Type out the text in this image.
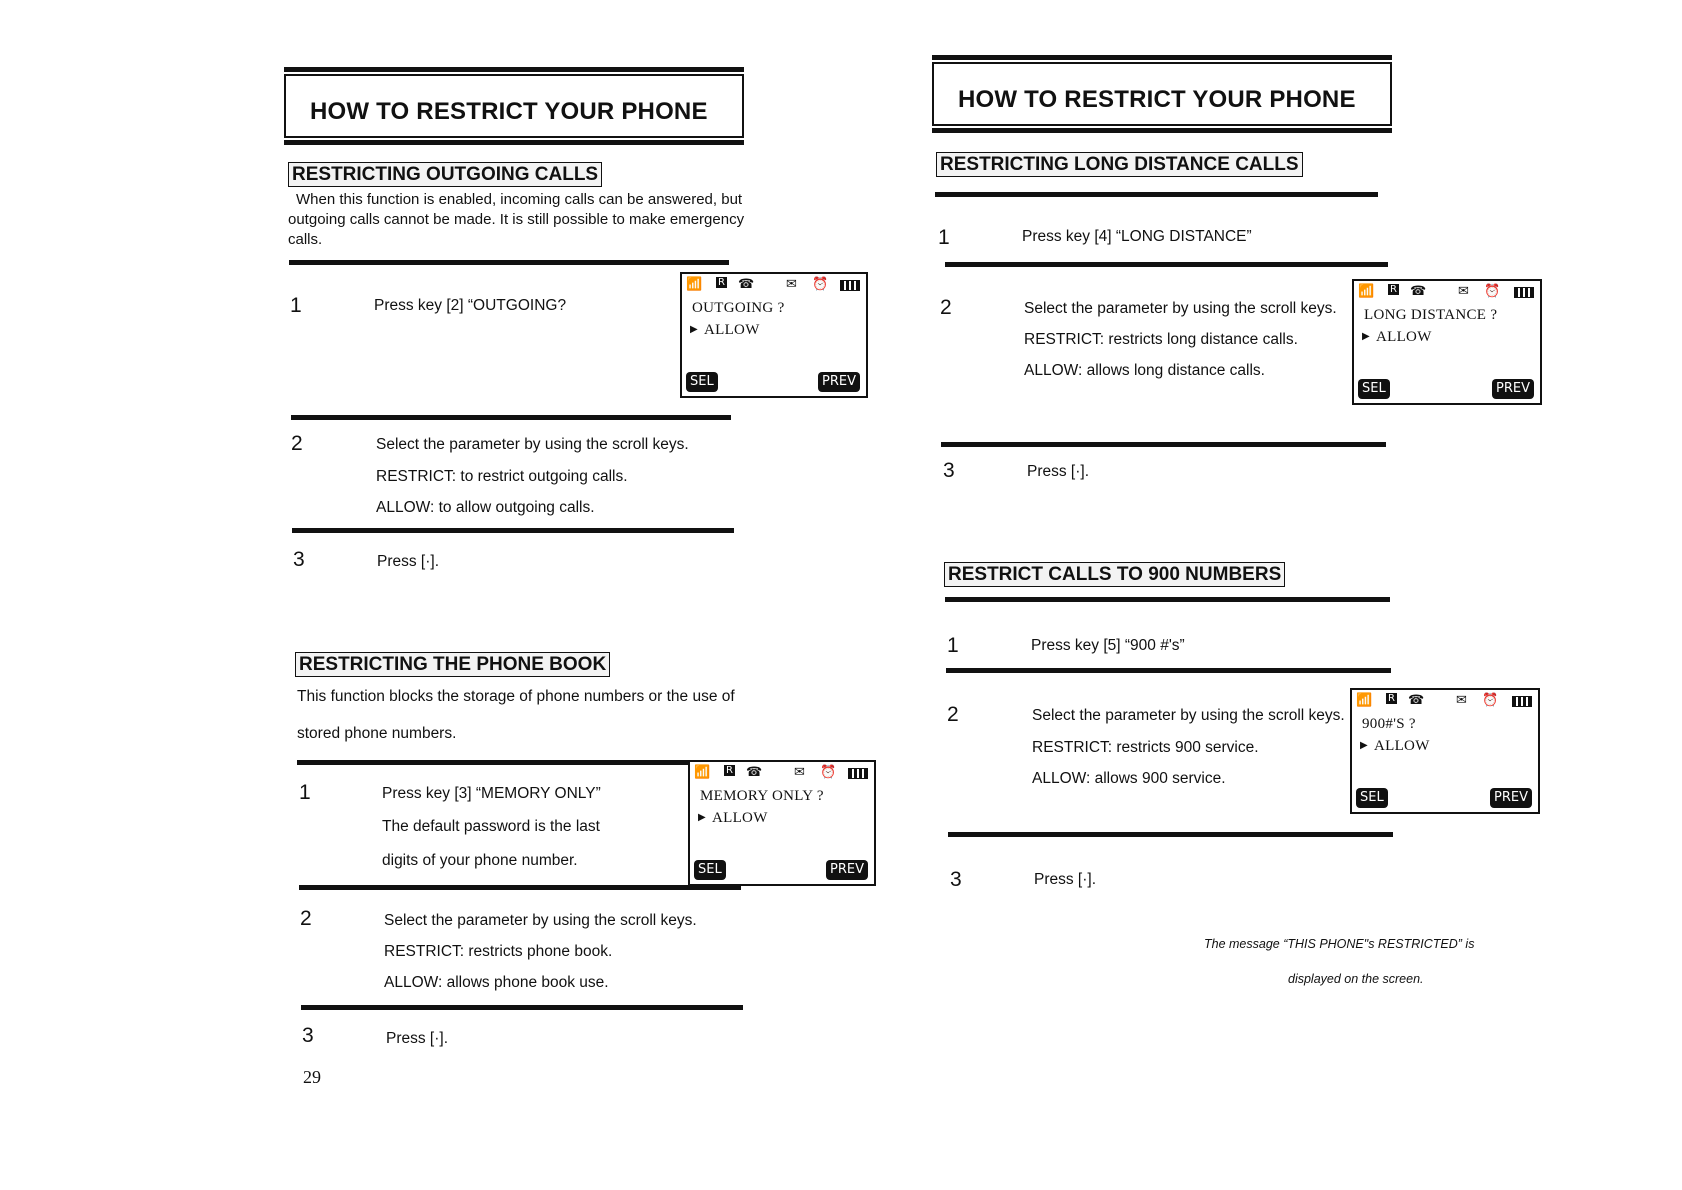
HOW TO RESTRICT YOUR PHONE
RESTRICTING OUTGOING CALLS
When this function is enabled, incoming calls can be answered, but
outgoing calls cannot be made. It is still possible to make emergency
calls.
1	Press key [2] “OUTGOING?
📶 R ☎ ✉ ⏰
OUTGOING ?
▶ ALLOW
SEL	PREV
2	Select the parameter by using the scroll keys.
RESTRICT: to restrict outgoing calls.
ALLOW: to allow outgoing calls.
3	Press [·].
RESTRICTING THE PHONE BOOK
This function blocks the storage of phone numbers or the use of
stored phone numbers.
1	Press key [3] “MEMORY ONLY”
The default password is the last
digits of your phone number.
📶 R ☎ ✉ ⏰
MEMORY ONLY ?
▶ ALLOW
SEL	PREV
2	Select the parameter by using the scroll keys.
RESTRICT: restricts phone book.
ALLOW: allows phone book use.
3	Press [·].
29
HOW TO RESTRICT YOUR PHONE
RESTRICTING LONG DISTANCE CALLS
1	Press key [4] “LONG DISTANCE”
2	Select the parameter by using the scroll keys.
RESTRICT: restricts long distance calls.
ALLOW: allows long distance calls.
📶 R ☎ ✉ ⏰
LONG DISTANCE ?
▶ ALLOW
SEL	PREV
3	Press [·].
RESTRICT CALLS TO 900 NUMBERS
1	Press key [5] “900 #'s”
2	Select the parameter by using the scroll keys.
RESTRICT: restricts 900 service.
ALLOW: allows 900 service.
📶 R ☎ ✉ ⏰
900#'S ?
▶ ALLOW
SEL	PREV
3	Press [·].
The message “THIS PHONE"s RESTRICTED” is
displayed on the screen.
